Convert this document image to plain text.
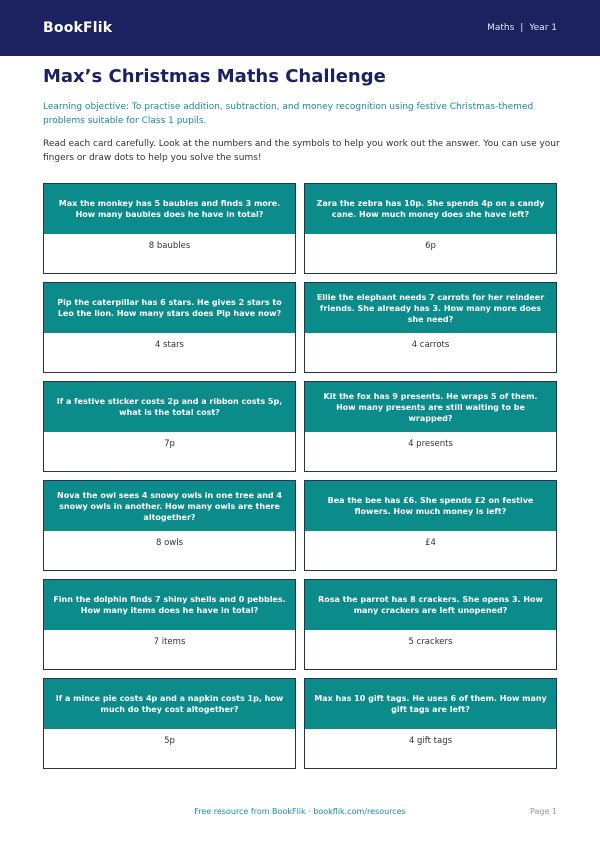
BookFlik	Maths | Year 1
Max’s Christmas Maths Challenge

Learning objective: To practise addition, subtraction, and money recognition using festive Christmas-themed problems suitable for Class 1 pupils.

Read each card carefully. Look at the numbers and the symbols to help you work out the answer. You can use your fingers or draw dots to help you solve the sums!

Max the monkey has 5 baubles and finds 3 more. How many baubles does he have in total?
8 baubles
Zara the zebra has 10p. She spends 4p on a candy cane. How much money does she have left?
6p
Pip the caterpillar has 6 stars. He gives 2 stars to Leo the lion. How many stars does Pip have now?
4 stars
Ellie the elephant needs 7 carrots for her reindeer friends. She already has 3. How many more does she need?
4 carrots
If a festive sticker costs 2p and a ribbon costs 5p, what is the total cost?
7p
Kit the fox has 9 presents. He wraps 5 of them. How many presents are still waiting to be wrapped?
4 presents
Nova the owl sees 4 snowy owls in one tree and 4 snowy owls in another. How many owls are there altogether?
8 owls
Bea the bee has £6. She spends £2 on festive flowers. How much money is left?
£4
Finn the dolphin finds 7 shiny shells and 0 pebbles. How many items does he have in total?
7 items
Rosa the parrot has 8 crackers. She opens 3. How many crackers are left unopened?
5 crackers
If a mince pie costs 4p and a napkin costs 1p, how much do they cost altogether?
5p
Max has 10 gift tags. He uses 6 of them. How many gift tags are left?
4 gift tags
Free resource from BookFlik · bookflik.com/resources	Page 1
